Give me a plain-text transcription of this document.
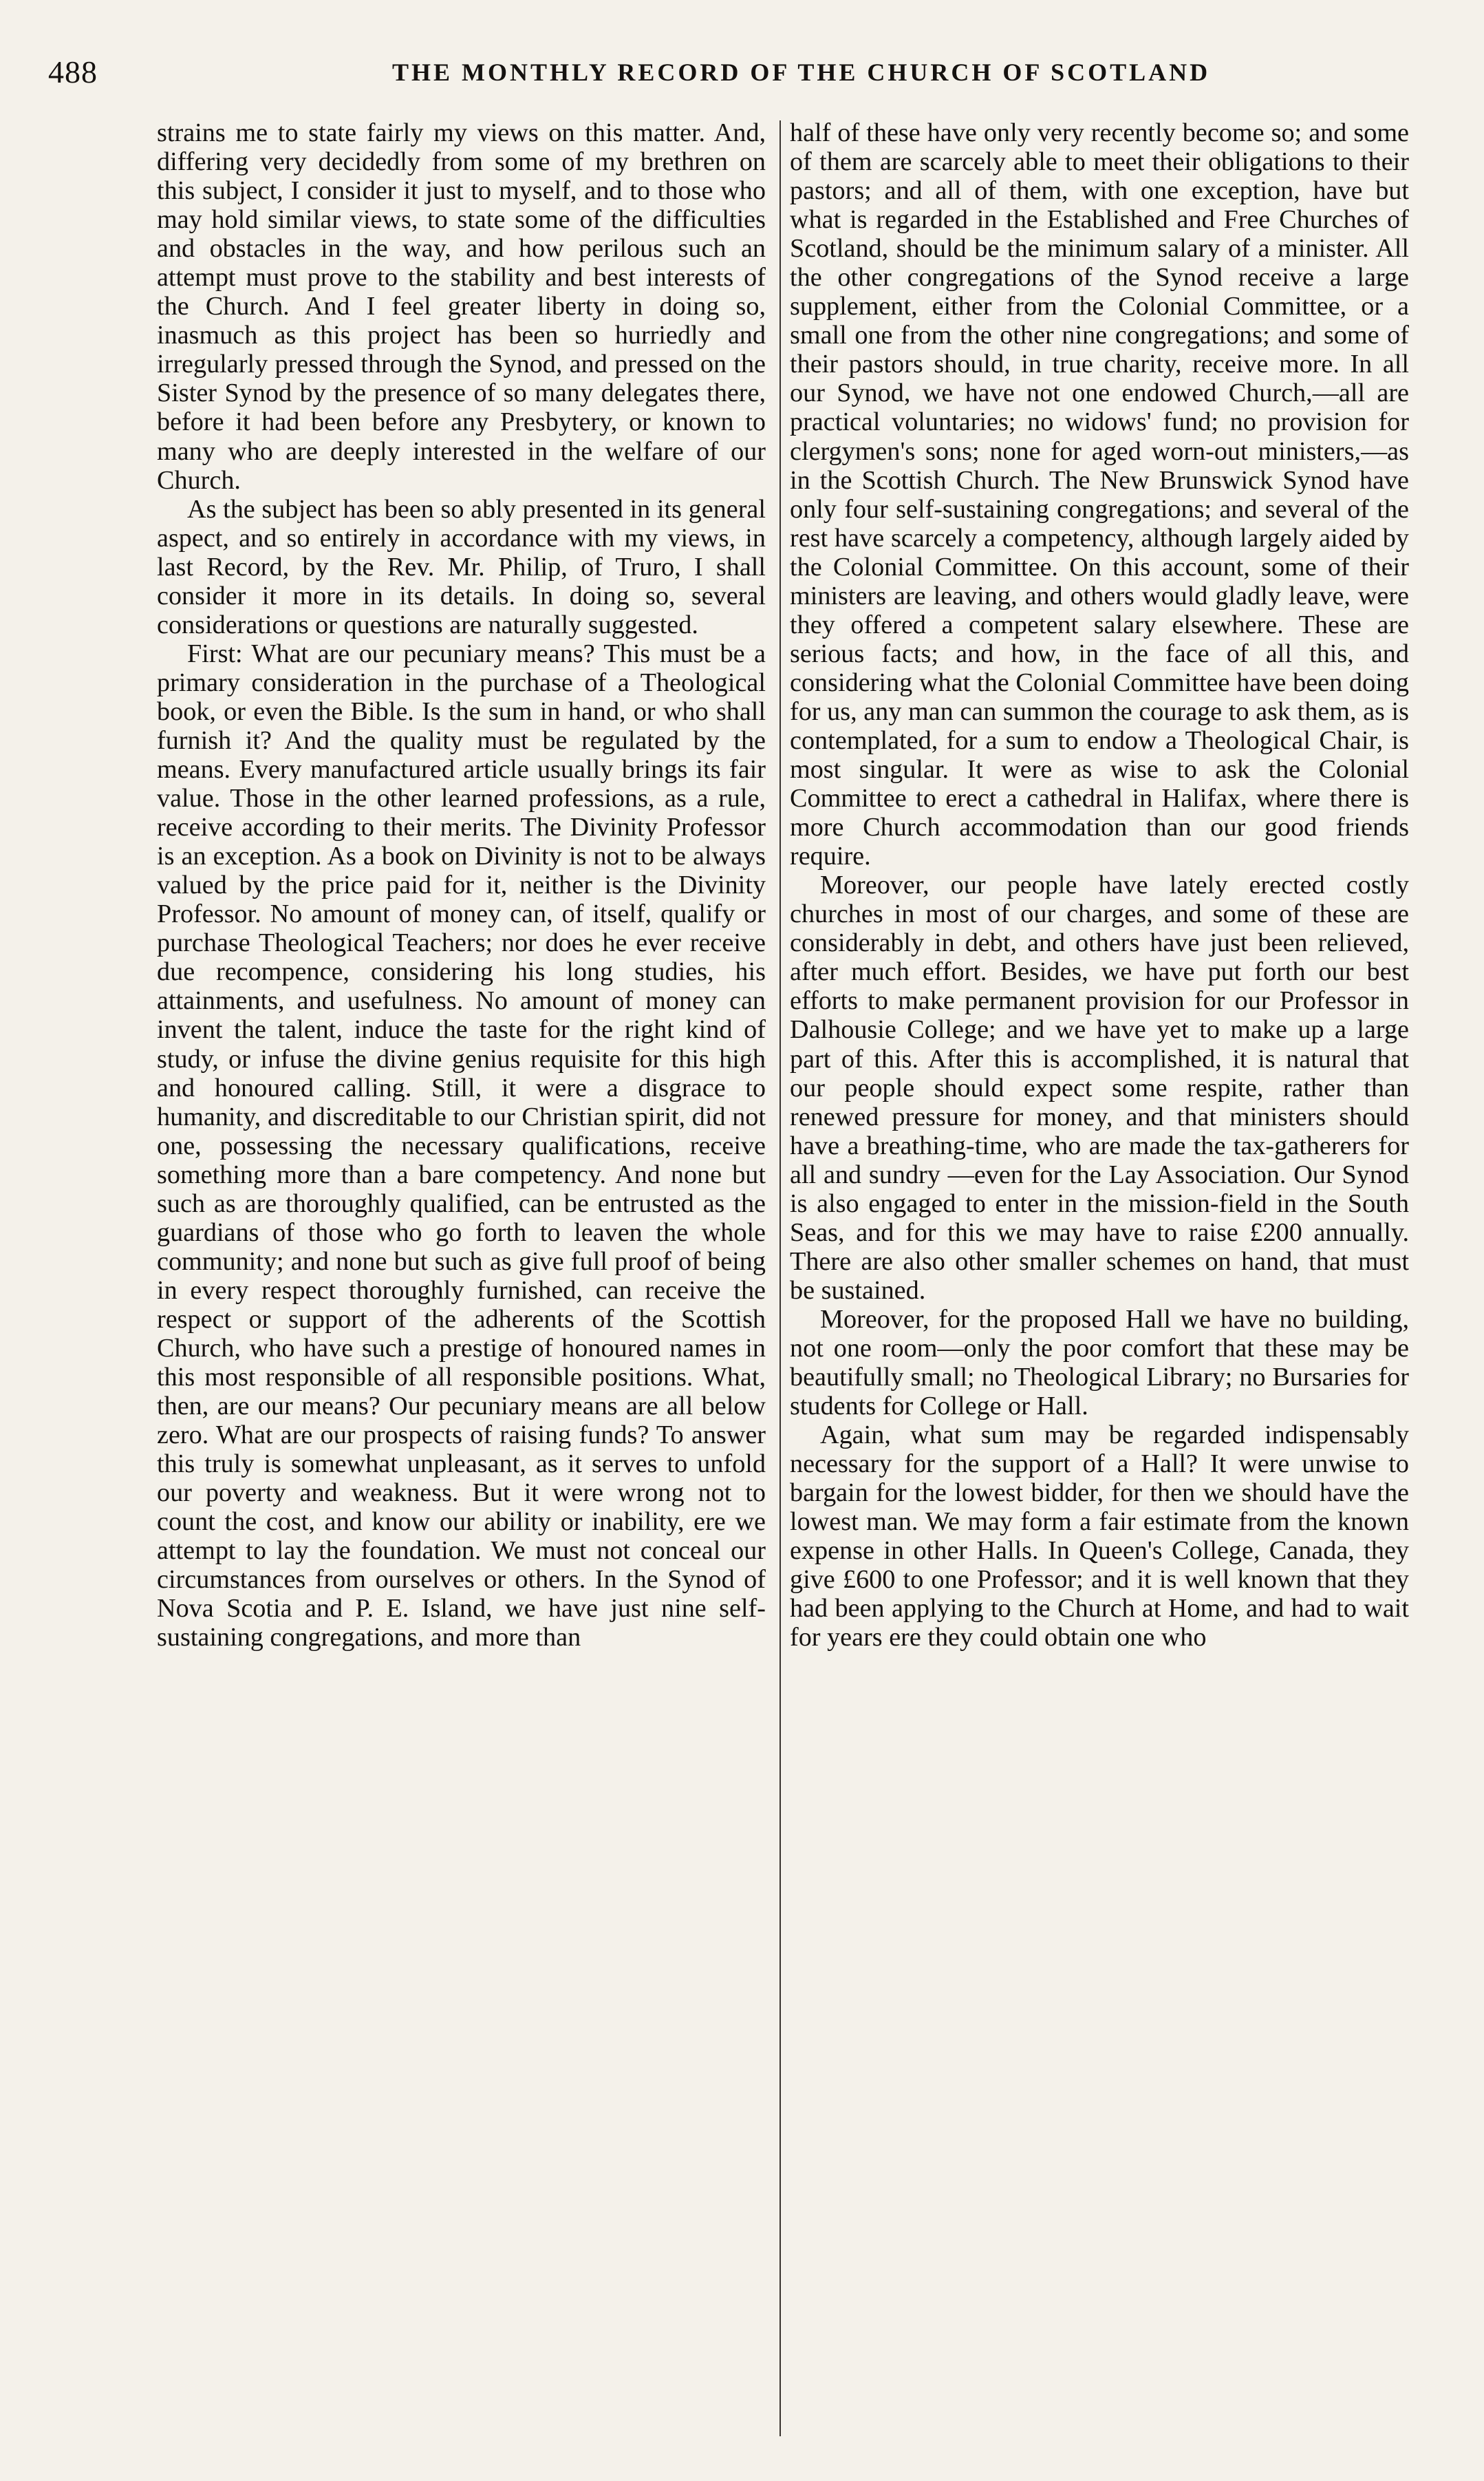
488	THE MONTHLY RECORD OF THE CHURCH OF SCOTLAND

strains me to state fairly my views on this matter. And, differing very decidedly from some of my brethren on this subject, I consider it just to myself, and to those who may hold similar views, to state some of the difficulties and obstacles in the way, and how perilous such an attempt must prove to the stability and best interests of the Church. And I feel greater liberty in doing so, inasmuch as this project has been so hurriedly and irregularly pressed through the Synod, and pressed on the Sister Synod by the presence of so many delegates there, before it had been before any Presbytery, or known to many who are deeply interested in the welfare of our Church.

As the subject has been so ably presented in its general aspect, and so entirely in accordance with my views, in last Record, by the Rev. Mr. Philip, of Truro, I shall consider it more in its details. In doing so, several considerations or questions are naturally suggested.

First: What are our pecuniary means? This must be a primary consideration in the purchase of a Theological book, or even the Bible. Is the sum in hand, or who shall furnish it? And the quality must be regulated by the means. Every manufactured article usually brings its fair value. Those in the other learned professions, as a rule, receive according to their merits. The Divinity Professor is an exception. As a book on Divinity is not to be always valued by the price paid for it, neither is the Divinity Professor. No amount of money can, of itself, qualify or purchase Theological Teachers; nor does he ever receive due recompence, considering his long studies, his attainments, and usefulness. No amount of money can invent the talent, induce the taste for the right kind of study, or infuse the divine genius requisite for this high and honoured calling. Still, it were a disgrace to humanity, and discreditable to our Christian spirit, did not one, possessing the necessary qualifications, receive something more than a bare competency. And none but such as are thoroughly qualified, can be entrusted as the guardians of those who go forth to leaven the whole community; and none but such as give full proof of being in every respect thoroughly furnished, can receive the respect or support of the adherents of the Scottish Church, who have such a prestige of honoured names in this most responsible of all responsible positions. What, then, are our means? Our pecuniary means are all below zero. What are our prospects of raising funds? To answer this truly is somewhat unpleasant, as it serves to unfold our poverty and weakness. But it were wrong not to count the cost, and know our ability or inability, ere we attempt to lay the foundation. We must not conceal our circumstances from ourselves or others. In the Synod of Nova Scotia and P. E. Island, we have just nine self-sustaining congregations, and more than

half of these have only very recently become so; and some of them are scarcely able to meet their obligations to their pastors; and all of them, with one exception, have but what is regarded in the Established and Free Churches of Scotland, should be the minimum salary of a minister. All the other congregations of the Synod receive a large supplement, either from the Colonial Committee, or a small one from the other nine congregations; and some of their pastors should, in true charity, receive more. In all our Synod, we have not one endowed Church,—all are practical voluntaries; no widows' fund; no provision for clergymen's sons; none for aged worn-out ministers,—as in the Scottish Church. The New Brunswick Synod have only four self-sustaining congregations; and several of the rest have scarcely a competency, although largely aided by the Colonial Committee. On this account, some of their ministers are leaving, and others would gladly leave, were they offered a competent salary elsewhere. These are serious facts; and how, in the face of all this, and considering what the Colonial Committee have been doing for us, any man can summon the courage to ask them, as is contemplated, for a sum to endow a Theological Chair, is most singular. It were as wise to ask the Colonial Committee to erect a cathedral in Halifax, where there is more Church accommodation than our good friends require.

Moreover, our people have lately erected costly churches in most of our charges, and some of these are considerably in debt, and others have just been relieved, after much effort. Besides, we have put forth our best efforts to make permanent provision for our Professor in Dalhousie College; and we have yet to make up a large part of this. After this is accomplished, it is natural that our people should expect some respite, rather than renewed pressure for money, and that ministers should have a breathing-time, who are made the tax-gatherers for all and sundry —even for the Lay Association. Our Synod is also engaged to enter in the mission-field in the South Seas, and for this we may have to raise £200 annually. There are also other smaller schemes on hand, that must be sustained.

Moreover, for the proposed Hall we have no building, not one room—only the poor comfort that these may be beautifully small; no Theological Library; no Bursaries for students for College or Hall.

Again, what sum may be regarded indispensably necessary for the support of a Hall? It were unwise to bargain for the lowest bidder, for then we should have the lowest man. We may form a fair estimate from the known expense in other Halls. In Queen's College, Canada, they give £600 to one Professor; and it is well known that they had been applying to the Church at Home, and had to wait for years ere they could obtain one who
